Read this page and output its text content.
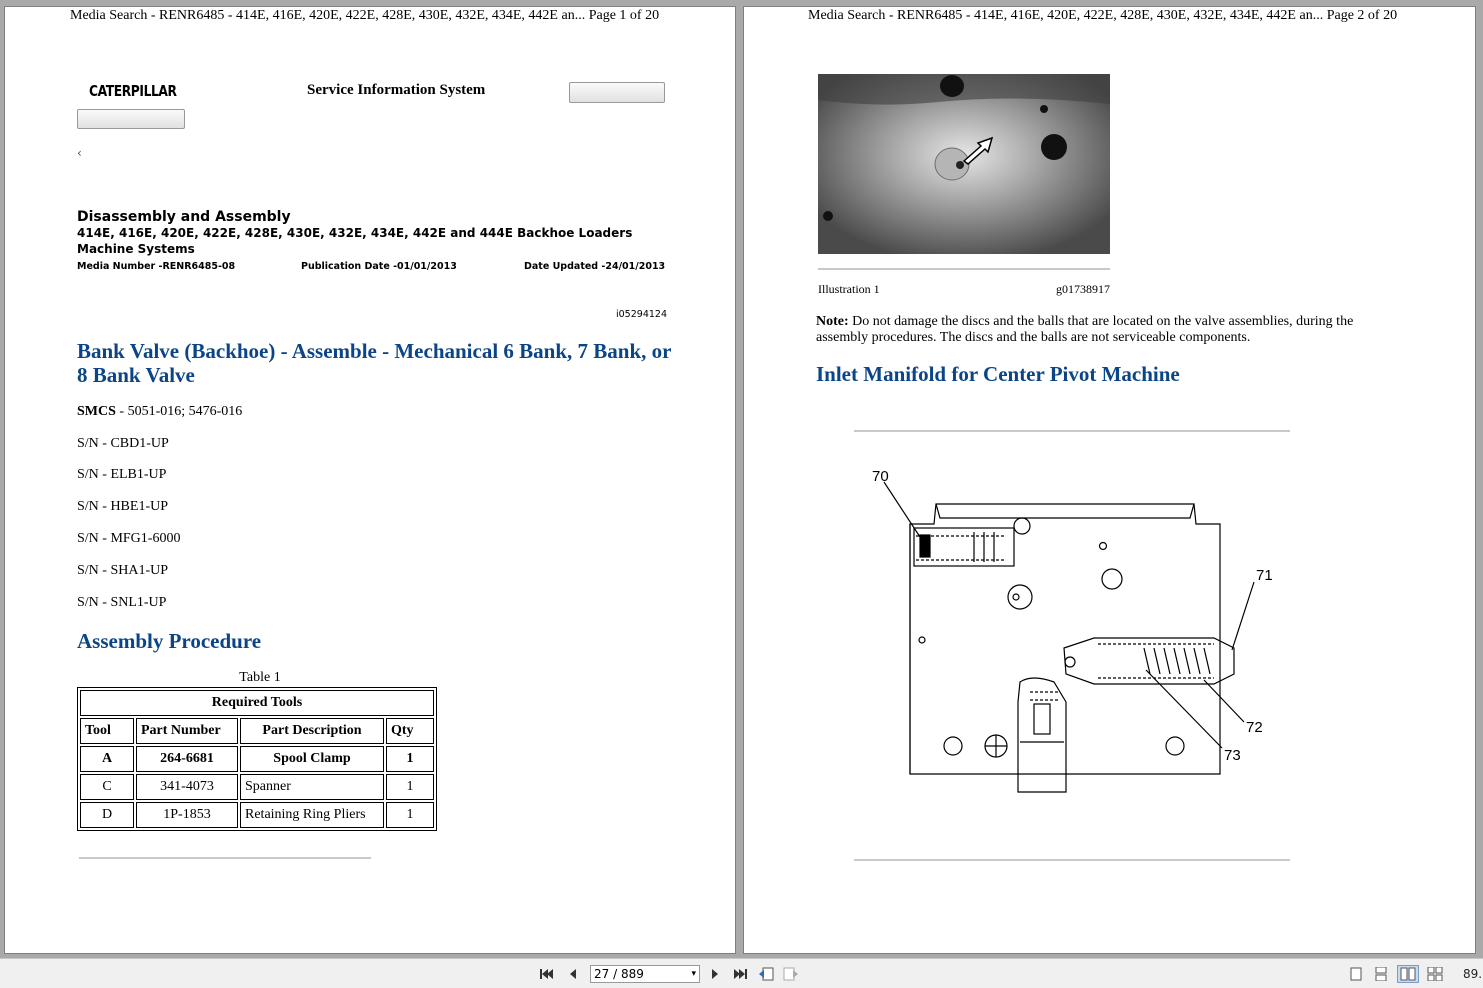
Media Search - RENR6485 - 414E, 416E, 420E, 422E, 428E, 430E, 432E, 434E, 442E an... Page 1 of 20
CATERPILLAR	Service Information System
‹
Disassembly and Assembly
414E, 416E, 420E, 422E, 428E, 430E, 432E, 434E, 442E and 444E Backhoe Loaders
Machine Systems
Media Number -RENR6485-08	Publication Date -01/01/2013	Date Updated -24/01/2013
i05294124
Bank Valve (Backhoe) - Assemble - Mechanical 6 Bank, 7 Bank, or 8 Bank Valve
SMCS - 5051-016; 5476-016
S/N - CBD1-UP
S/N - ELB1-UP
S/N - HBE1-UP
S/N - MFG1-6000
S/N - SHA1-UP
S/N - SNL1-UP
Assembly Procedure
Table 1
Required Tools			
Tool	Part Number	Part Description	Qty
A	264-6681	Spool Clamp	1
C	341-4073	Spanner	1
D	1P-1853	Retaining Ring Pliers	1
Media Search - RENR6485 - 414E, 416E, 420E, 422E, 428E, 430E, 432E, 434E, 442E an... Page 2 of 20
Illustration 1	g01738917
Note: Do not damage the discs and the balls that are located on the valve assemblies, during the assembly procedures. The discs and the balls are not serviceable components.
Inlet Manifold for Center Pivot Machine
70
71
72
73
27 / 889	▾	89.
